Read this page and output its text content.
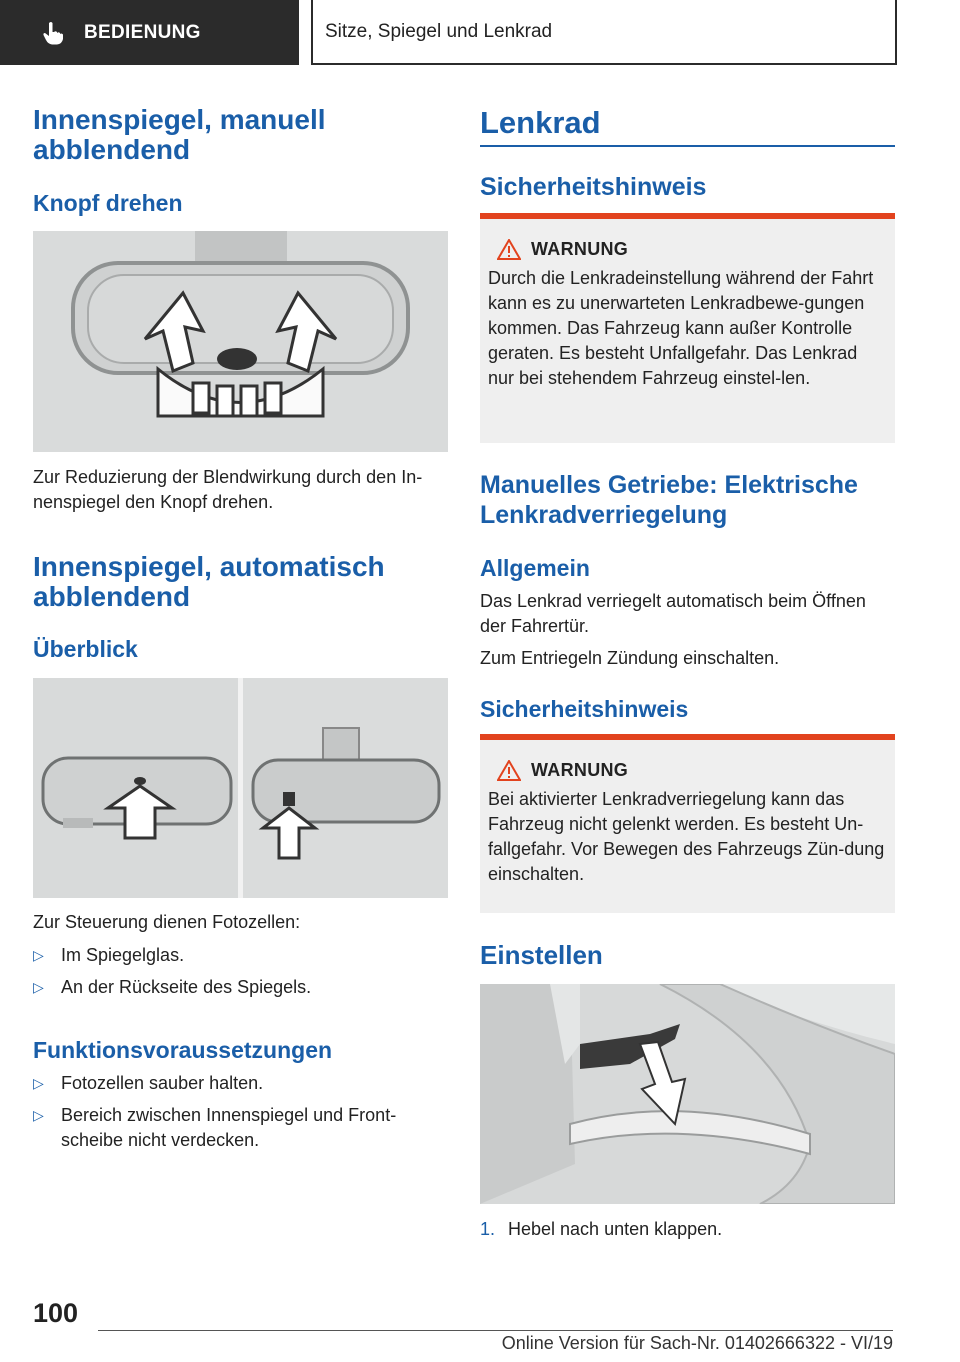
BEDIENUNG	Sitze, Spiegel und Lenkrad
Innenspiegel, manuell abblendend
Knopf drehen

Zur Reduzierung der Blendwirkung durch den In-nenspiegel den Knopf drehen.

Innenspiegel, automatisch abblendend
Überblick

Zur Steuerung dienen Fotozellen:

▷ Im Spiegelglas.
▷ An der Rückseite des Spiegels.
Funktionsvoraussetzungen
▷ Fotozellen sauber halten.
▷ Bereich zwischen Innenspiegel und Front-scheibe nicht verdecken.
Lenkrad
Sicherheitshinweis
WARNUNG

Durch die Lenkradeinstellung während der Fahrt kann es zu unerwarteten Lenkradbewe-gungen kommen. Das Fahrzeug kann außer Kontrolle geraten. Es besteht Unfallgefahr. Das Lenkrad nur bei stehendem Fahrzeug einstel-len.

Manuelles Getriebe: Elektrische Lenkradverriegelung
Allgemein

Das Lenkrad verriegelt automatisch beim Öffnen der Fahrertür.

Zum Entriegeln Zündung einschalten.

Sicherheitshinweis
WARNUNG

Bei aktivierter Lenkradverriegelung kann das Fahrzeug nicht gelenkt werden. Es besteht Un-fallgefahr. Vor Bewegen des Fahrzeugs Zün-dung einschalten.

Einstellen
1. Hebel nach unten klappen.
100
Online Version für Sach-Nr. 01402666322 - VI/19
